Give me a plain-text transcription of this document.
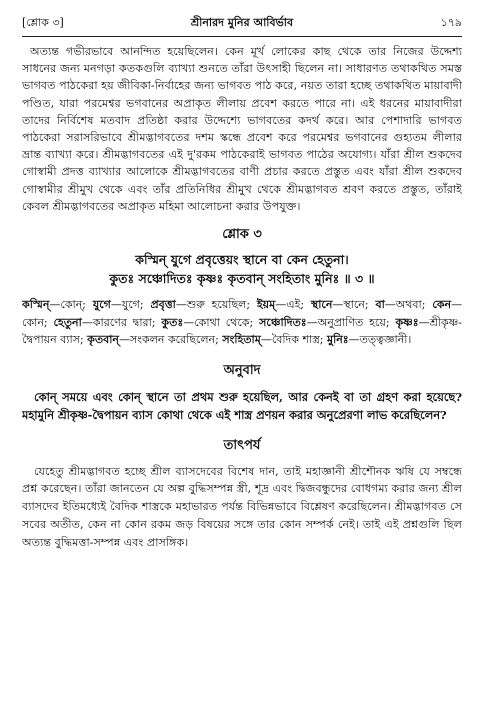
[শ্লোক ৩]	শ্রীনারদ মুনির আবির্ভাব	১৭৯

অত্যন্ত গভীরভাবে আনন্দিত হয়েছিলেন। কেন মূর্খ লোকের কাছ থেকে তার নিজের উদ্দেশ্য সাধনের জন্য মনগড়া কতকগুলি ব্যাখ্যা শুনতে তাঁরা উৎসাহী ছিলেন না। সাধারণত তথাকথিত সমস্ত ভাগবত পাঠকেরা হয় জীবিকা-নির্বাহের জন্য ভাগবত পাঠ করে, নয়ত তারা হচ্ছে তথাকথিত মায়াবাদী পণ্ডিত, যারা পরমেশ্বর ভগবানের অপ্রাকৃত লীলায় প্রবেশ করতে পারে না। এই ধরনের মায়াবাদীরা তাদের নির্বিশেষ মতবাদ প্রতিষ্ঠা করার উদ্দেশ্যে ভাগবতের কদর্থ করে। আর পেশাদারি ভাগবত পাঠকেরা সরাসরিভাবে শ্রীমদ্ভাগবতের দশম স্কন্ধে প্রবেশ করে পরমেশ্বর ভগবানের গুহ্যতম লীলার ভ্রান্ত ব্যাখ্যা করে। শ্রীমদ্ভাগবতের এই দু'রকম পাঠকেরাই ভাগবত পাঠের অযোগ্য। যাঁরা শ্রীল শুকদেব গোস্বামী প্রদত্ত ব্যাখ্যার আলোকে শ্রীমদ্ভাগবতের বাণী প্রচার করতে প্রস্তুত এবং যাঁরা শ্রীল শুকদেব গোস্বামীর শ্রীমুখ থেকে এবং তাঁর প্রতিনিধির শ্রীমুখ থেকে শ্রীমদ্ভাগবত শ্রবণ করতে প্রস্তুত, তাঁরাই কেবল শ্রীমদ্ভাগবতের অপ্রাকৃত মহিমা আলোচনা করার উপযুক্ত।

শ্লোক ৩
কস্মিন্ যুগে প্রবৃত্তেয়ং স্থানে বা কেন হেতুনা।
কুতঃ সঞ্চোদিতঃ কৃষ্ণঃ কৃতবান্ সংহিতাং মুনিঃ ॥ ৩ ॥
কস্মিন্—কোন্; যুগে—যুগে; প্রবৃত্তা—শুরু হয়েছিল; ইয়ম্—এই; স্থানে—স্থানে; বা—অথবা; কেন—কোন; হেতুনা—কারণের দ্বারা; কুতঃ—কোথা থেকে; সঞ্চোদিতঃ—অনুপ্রাণিত হয়ে; কৃষ্ণঃ—শ্রীকৃষ্ণ-দ্বৈপায়ন ব্যাস; কৃতবান্—সংকলন করেছিলেন; সংহিতাম্—বৈদিক শাস্ত্র; মুনিঃ—তত্ত্বজ্ঞানী।
অনুবাদ
কোন্ সময়ে এবং কোন্ স্থানে তা প্রথম শুরু হয়েছিল, আর কেনই বা তা গ্রহণ করা হয়েছে? মহামুনি শ্রীকৃষ্ণ-দ্বৈপায়ন ব্যাস কোথা থেকে এই শাস্ত্র প্রণয়ন করার অনুপ্রেরণা লাভ করেছিলেন?
তাৎপর্য
যেহেতু শ্রীমদ্ভাগবত হচ্ছে শ্রীল ব্যাসদেবের বিশেষ দান, তাই মহাজ্ঞানী শ্রীশৌনক ঋষি যে সম্বন্ধে প্রশ্ন করেছেন। তাঁরা জানতেন যে অল্প বুদ্ধিসম্পন্ন স্ত্রী, শূদ্র এবং দ্বিজবন্ধুদের বোধগম্য করার জন্য শ্রীল ব্যাসদেব ইতিমধ্যেই বৈদিক শাস্ত্রকে মহাভারত পর্যন্ত বিভিন্নভাবে বিশ্লেষণ করেছিলেন। শ্রীমদ্ভাগবত সে সবের অতীত, কেন না কোন রকম জড় বিষয়ের সঙ্গে তার কোন সম্পর্ক নেই। তাই এই প্রশ্নগুলি ছিল অত্যন্ত বুদ্ধিমত্তা-সম্পন্ন এবং প্রাসঙ্গিক।
